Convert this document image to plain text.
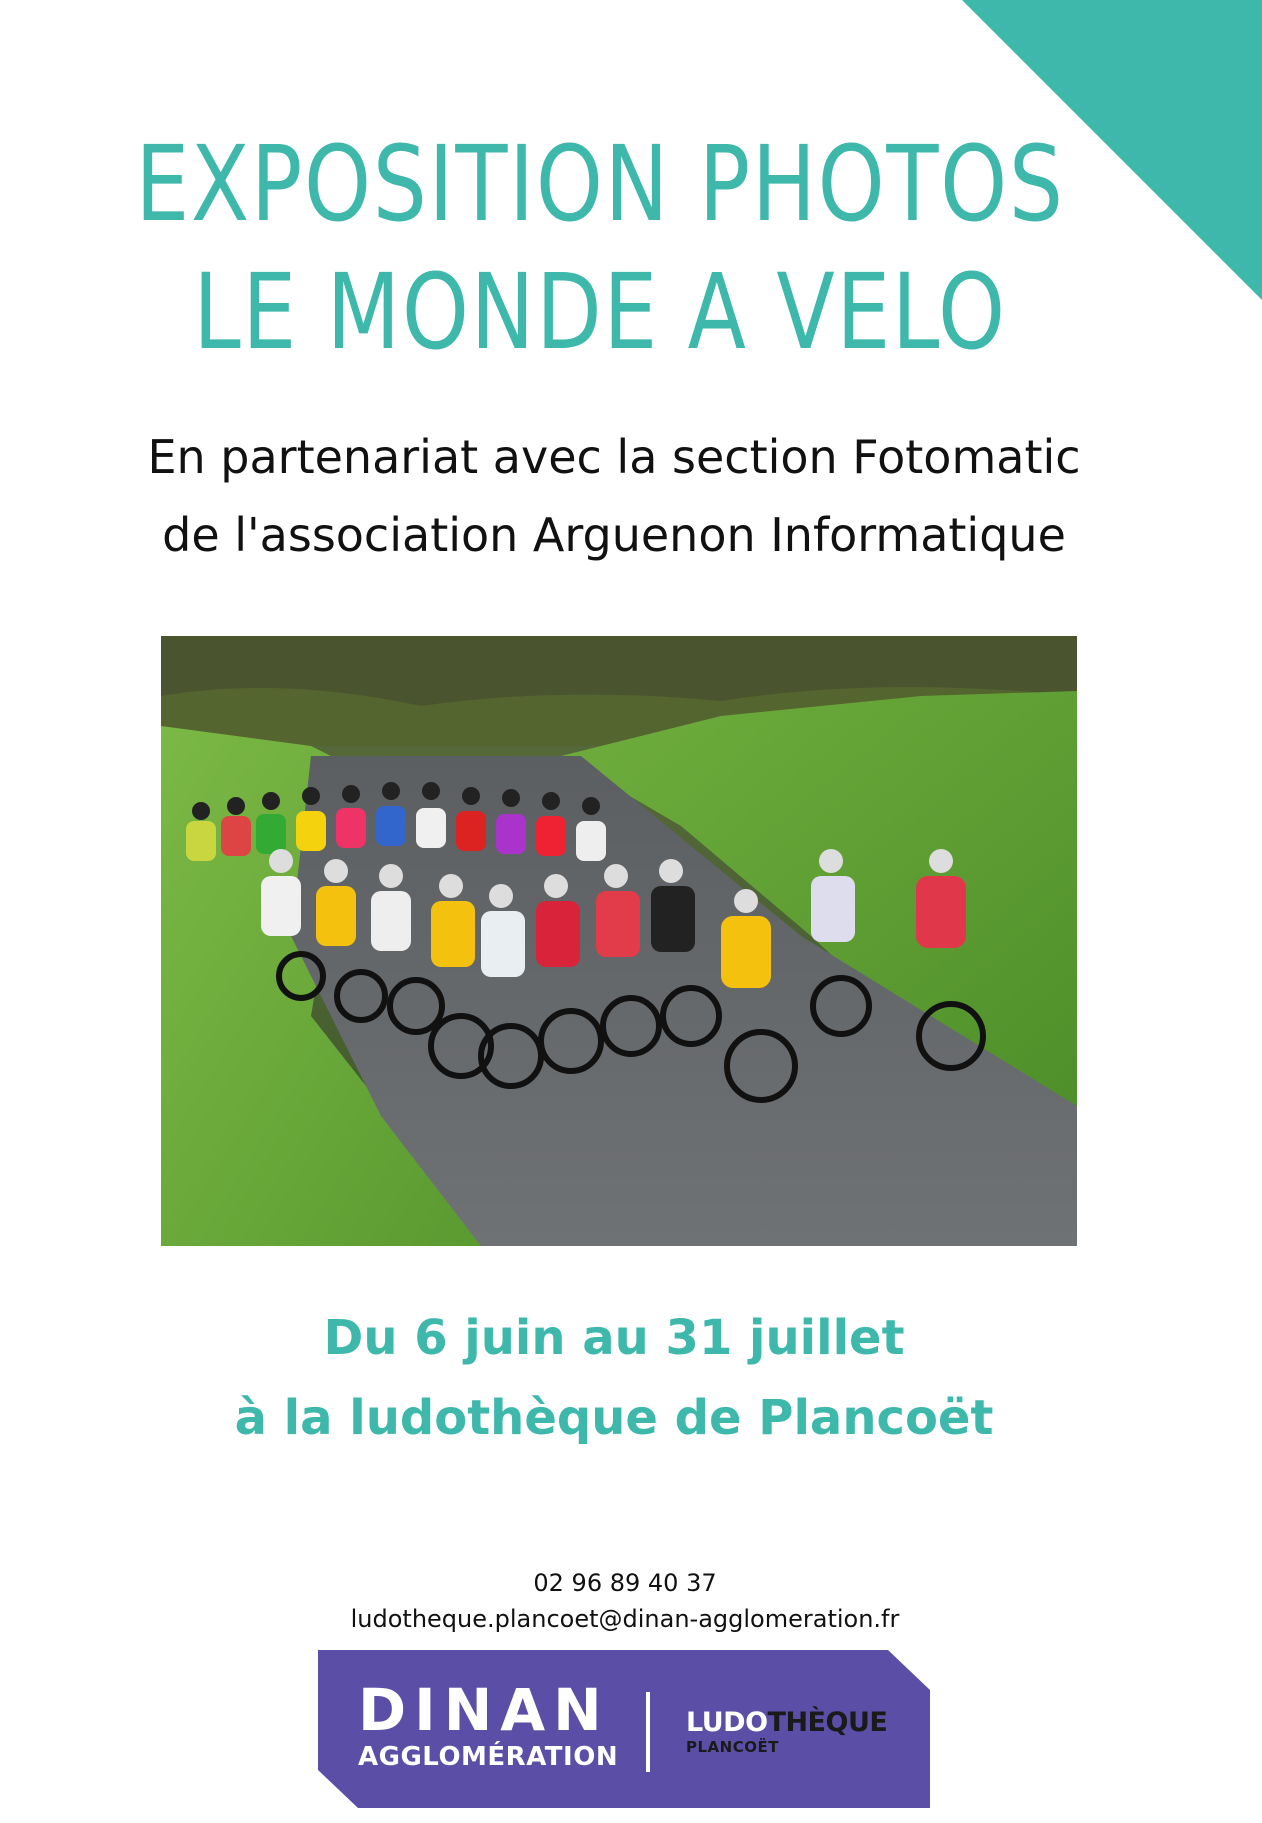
EXPOSITION PHOTOS
LE MONDE A VELO
En partenariat avec la section Fotomatic
de l'association Arguenon Informatique
Du 6 juin au 31 juillet
à la ludothèque de Plancoët
02 96 89 40 37
ludotheque.plancoet@dinan-agglomeration.fr
DINAN
AGGLOMÉRATION
LUDOTHÈQUE
PLANCOËT
